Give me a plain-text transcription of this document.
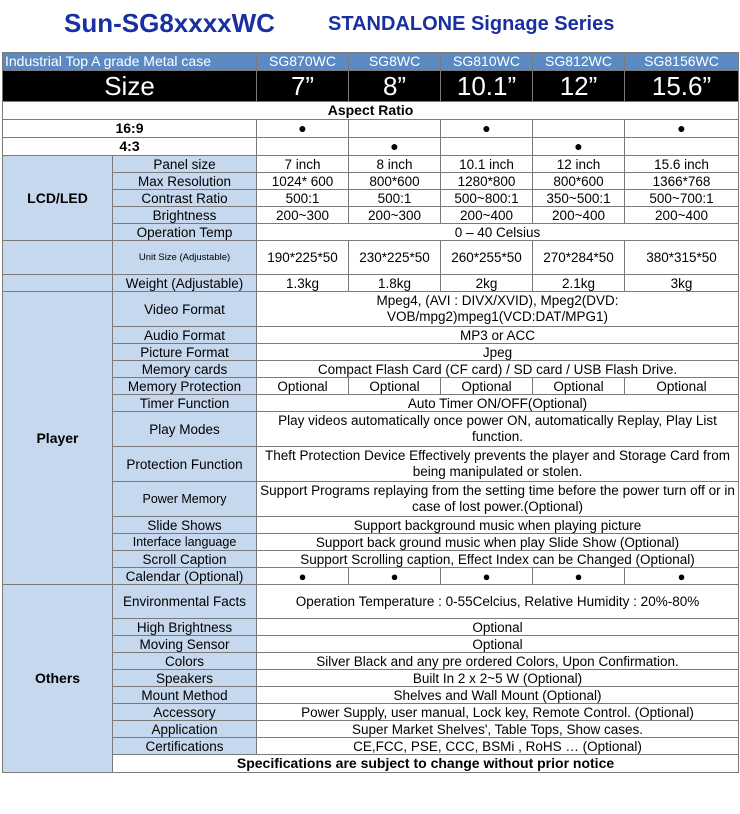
Sun-SG8xxxxWC	STANDALONE Signage Series
Industrial Top A grade Metal case		SG870WC	SG8WC	SG810WC	SG812WC	SG8156WC
Size		7”	8”	10.1”	12”	15.6”
Aspect Ratio						
16:9		●		●		●
4:3			●		●	
LCD/LED	Panel size	7 inch	8 inch	10.1 inch	12 inch	15.6 inch
	Max Resolution	1024* 600	800*600	1280*800	800*600	1366*768
	Contrast Ratio	500:1	500:1	500~800:1	350~500:1	500~700:1
	Brightness	200~300	200~300	200~400	200~400	200~400
	Operation Temp	0 – 40 Celsius				
	Unit Size (Adjustable)	190*225*50	230*225*50	260*255*50	270*284*50	380*315*50
	Weight (Adjustable)	1.3kg	1.8kg	2kg	2.1kg	3kg
Player	Video Format	Mpeg4, (AVI : DIVX/XVID), Mpeg2(DVD: VOB/mpg2)mpeg1(VCD:DAT/MPG1)				
	Audio Format	MP3 or ACC				
	Picture Format	Jpeg				
	Memory cards	Compact Flash Card (CF card) / SD card / USB Flash Drive.				
	Memory Protection	Optional	Optional	Optional	Optional	Optional
	Timer Function	Auto Timer ON/OFF(Optional)				
	Play Modes	Play videos automatically once power ON, automatically Replay, Play List function.				
	Protection Function	Theft Protection Device Effectively prevents the player and Storage Card from being manipulated or stolen.				
	Power Memory	Support Programs replaying from the setting time before the power turn off or in case of lost power.(Optional)				
	Slide Shows	Support background music when playing picture				
	Interface language	Support back ground music when play Slide Show (Optional)				
	Scroll Caption	Support Scrolling caption, Effect Index can be Changed (Optional)				
	Calendar (Optional)	●	●	●	●	●
Others	Environmental Facts	Operation Temperature : 0-55Celcius, Relative Humidity : 20%-80%				
	High Brightness	Optional				
	Moving Sensor	Optional				
	Colors	Silver Black and any pre ordered Colors, Upon Confirmation.				
	Speakers	Built In 2 x 2~5 W (Optional)				
	Mount Method	Shelves and Wall Mount (Optional)				
	Accessory	Power Supply, user manual, Lock key, Remote Control. (Optional)				
	Application	Super Market Shelves', Table Tops, Show cases.				
	Certifications	CE,FCC, PSE, CCC, BSMi , RoHS … (Optional)				
	Specifications are subject to change without prior notice					
